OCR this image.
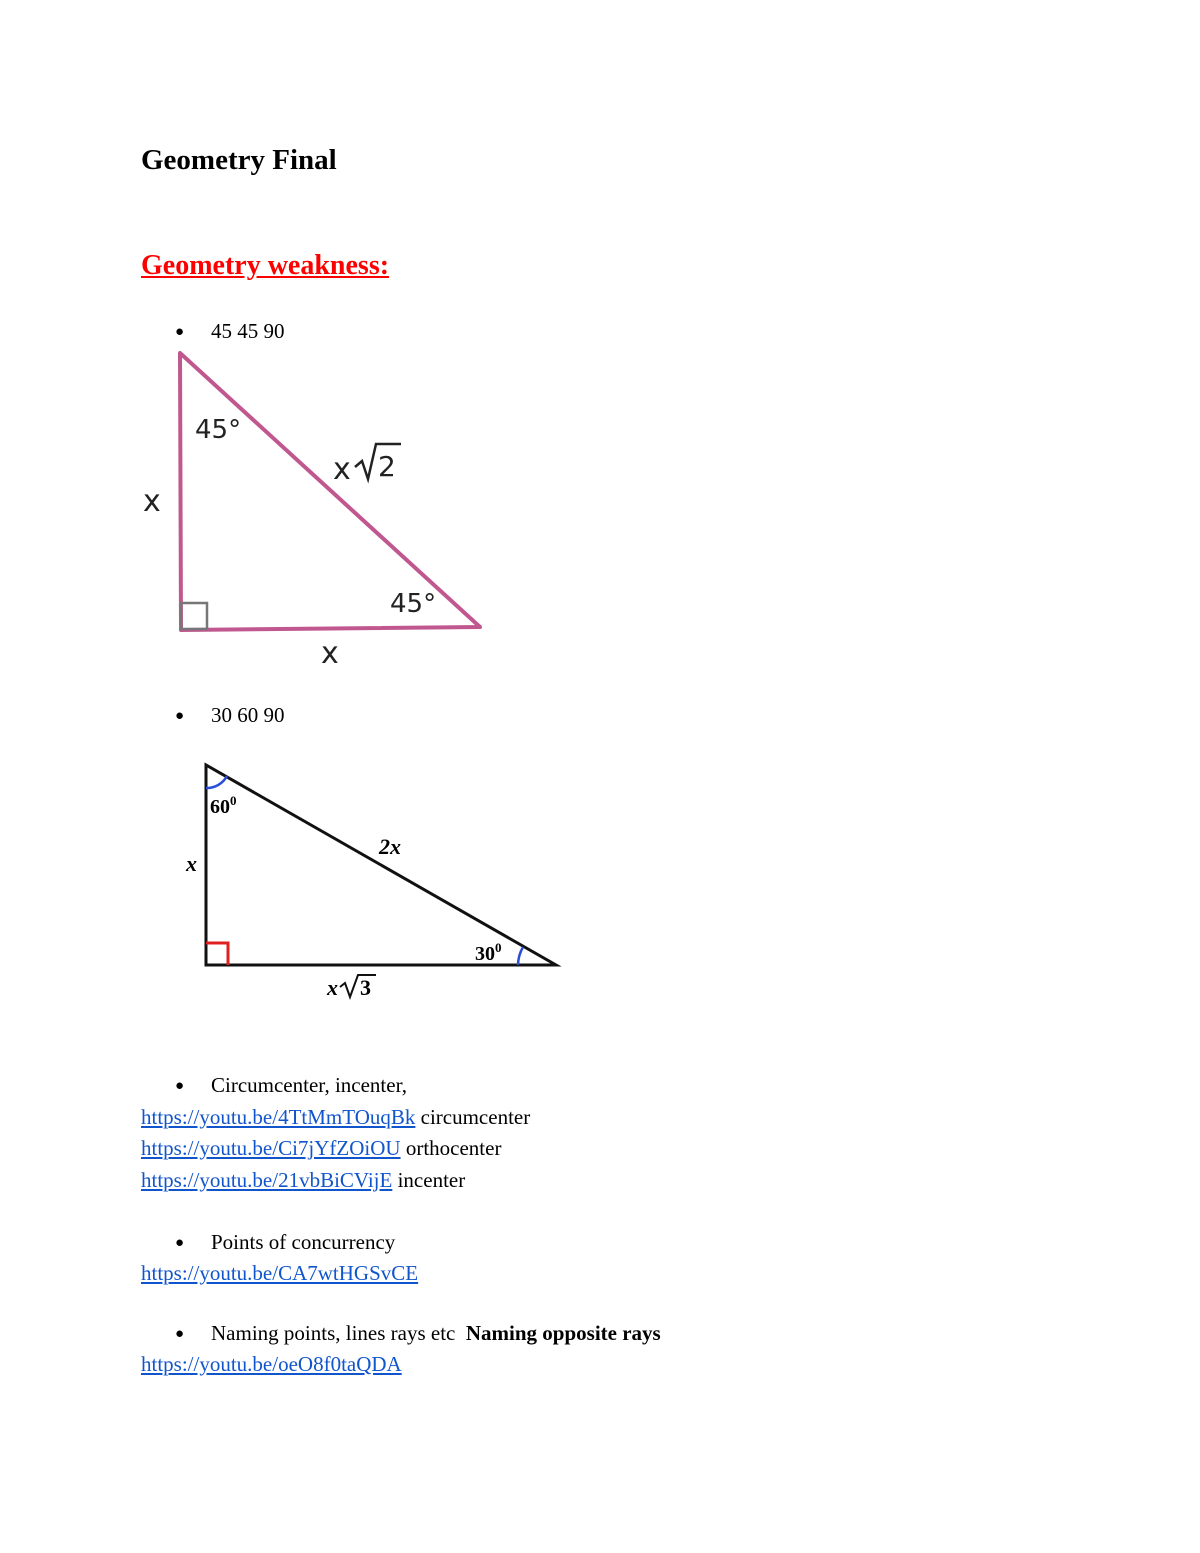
Geometry Final
Geometry weakness:
● 45 45 90
45°
45°
x
x
x 2
● 30 60 90
$60^0$
$30^0$
x
2x
x 3
● Circumcenter, incenter,
https://youtu.be/4TtMmTOuqBk circumcenter
https://youtu.be/Ci7jYfZOiOU orthocenter
https://youtu.be/21vbBiCVijE incenter
● Points of concurrency
https://youtu.be/CA7wtHGSvCE
● Naming points, lines rays etc Naming opposite rays
https://youtu.be/oeO8f0taQDA
